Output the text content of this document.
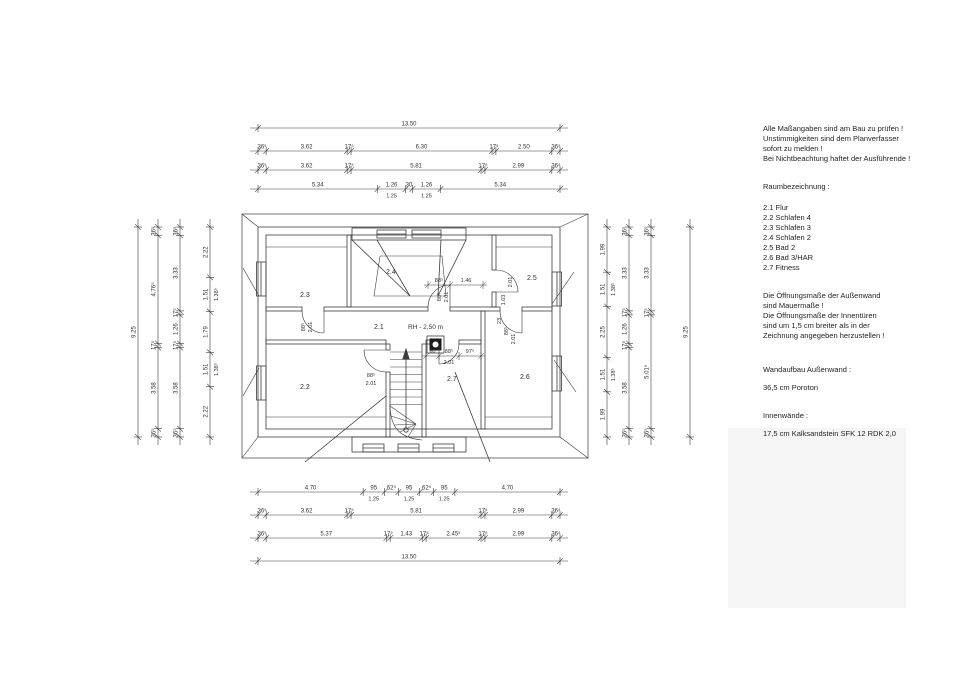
2.3
2.2
2.4
2.1	RH - 2,50 m
2.5
2.6
2.7
88⁵ 2.01
88⁵
2.01
88⁵ 2.01
88⁵	1.46	2.01
1.03
23
88⁵
2.01
60 88⁵ 97⁵
2.01
13.50
36⁵	3.62	17⁵	6.30	17⁵	2.50	36⁵
36⁵	3.62	17⁵	5.81	17⁵	2.99	36⁵
5.34	1.26
1.25
30 1.26
1.25
5.34
4.70	95
1.25
62⁵ 95
1.25
62⁵ 95
1.25
4.70
36⁵	3.62	17⁵	5.81	17⁵	2.99	36⁵
36⁵	5.37	17⁵ 1.43 17⁵	2.45⁵	17⁵	2.99	36⁵
13.50
9.25
36⁵
4.76⁵
17⁵
3.58
36⁵
36⁵
3.33
17⁵
1.26
17⁵
3.58
36⁵
2.22
1.51 1.38⁵
1.79
1.51 1.38⁵
2.22
1.99
1.51 1.38⁵
2.25
1.51 1.38⁵
1.99
36⁵
3.33
17⁵
1.26
17⁵
3.58
36⁵
36⁵
3.33
17⁵
5.01⁵
36⁵
9.25
Alle Maßangaben sind am Bau zu prüfen !
Unstimmigkeiten sind dem Planverfasser
sofort zu melden !
Bei Nichtbeachtung haftet der Ausführende !
Raumbezeichnung :
2.1 Flur
2.2 Schlafen 4
2.3 Schlafen 3
2.4 Schlafen 2
2.5 Bad 2
2.6 Bad 3/HAR
2.7 Fitness
Die Öffnungsmaße der Außenwand
sind Mauermaße !
Die Öffnungsmaße der Innentüren
sind um 1,5 cm breiter als in der
Zeichnung angegeben herzustellen !
Wandaufbau Außenwand :
36,5 cm Poroton
Innenwände :
17,5 cm Kalksandstein SFK 12 RDK 2,0
